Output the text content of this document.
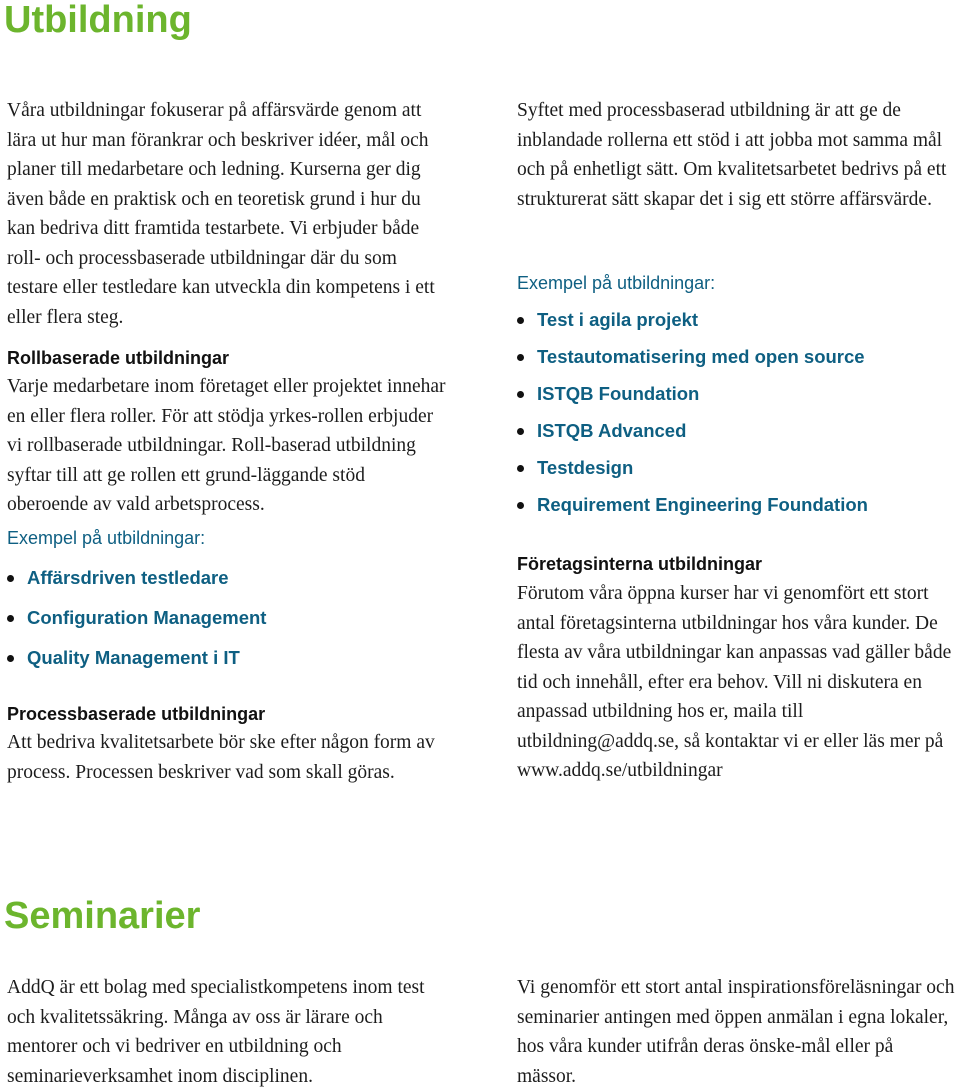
Utbildning

Våra utbildningar fokuserar på affärsvärde genom att lära ut hur man förankrar och beskriver idéer, mål och planer till medarbetare och ledning. Kurserna ger dig även både en praktisk och en teoretisk grund i hur du kan bedriva ditt framtida testarbete. Vi erbjuder både roll- och processbaserade utbildningar där du som testare eller testledare kan utveckla din kompetens i ett eller flera steg.

Rollbaserade utbildningar

Varje medarbetare inom företaget eller projektet innehar en eller flera roller. För att stödja yrkes-rollen erbjuder vi rollbaserade utbildningar. Roll-baserad utbildning syftar till att ge rollen ett grund-läggande stöd oberoende av vald arbetsprocess.

Exempel på utbildningar:
Affärsdriven testledare
Configuration Management
Quality Management i IT
Processbaserade utbildningar

Att bedriva kvalitetsarbete bör ske efter någon form av process. Processen beskriver vad som skall göras.

Syftet med processbaserad utbildning är att ge de inblandade rollerna ett stöd i att jobba mot samma mål och på enhetligt sätt. Om kvalitetsarbetet bedrivs på ett strukturerat sätt skapar det i sig ett större affärsvärde.

Exempel på utbildningar:
Test i agila projekt
Testautomatisering med open source
ISTQB Foundation
ISTQB Advanced
Testdesign
Requirement Engineering Foundation
Företagsinterna utbildningar

Förutom våra öppna kurser har vi genomfört ett stort antal företagsinterna utbildningar hos våra kunder. De flesta av våra utbildningar kan anpassas vad gäller både tid och innehåll, efter era behov. Vill ni diskutera en anpassad utbildning hos er, maila till utbildning@addq.se, så kontaktar vi er eller läs mer på www.addq.se/utbildningar

Seminarier

AddQ är ett bolag med specialistkompetens inom test och kvalitetssäkring. Många av oss är lärare och mentorer och vi bedriver en utbildning och seminarieverksamhet inom disciplinen.

Vi genomför ett stort antal inspirationsföreläsningar och seminarier antingen med öppen anmälan i egna lokaler, hos våra kunder utifrån deras önske-mål eller på mässor.
